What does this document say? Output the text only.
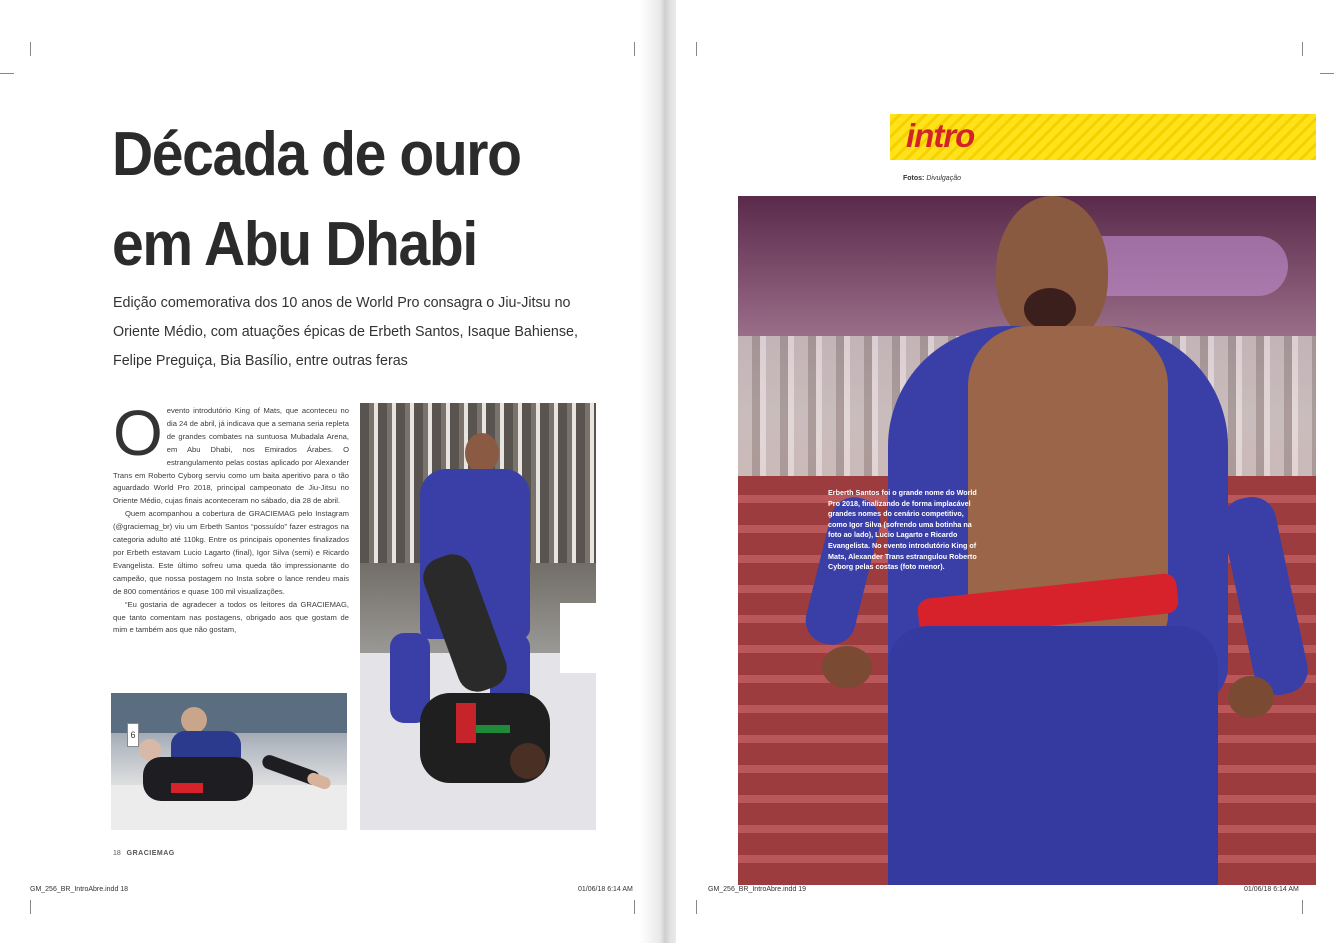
Década de ouro
em Abu Dhabi

Edição comemorativa dos 10 anos de World Pro consagra o Jiu-Jitsu no Oriente Médio, com atuações épicas de Erbeth Santos, Isaque Bahiense, Felipe Preguiça, Bia Basílio, entre outras feras

O evento introdutório King of Mats, que aconteceu no dia 24 de abril, já indicava que a semana seria repleta de grandes combates na suntuosa Mubadala Arena, em Abu Dhabi, nos Emirados Árabes. O estrangulamento pelas costas aplicado por Alexander Trans em Roberto Cyborg serviu como um baita aperitivo para o tão aguardado World Pro 2018, principal campeonato de Jiu-Jitsu no Oriente Médio, cujas finais aconteceram no sábado, dia 28 de abril.

Quem acompanhou a cobertura de GRACIEMAG pelo Instagram (@graciemag_br) viu um Erbeth Santos “possuído” fazer estragos na categoria adulto até 110kg. Entre os principais oponentes finalizados por Erbeth estavam Lucio Lagarto (final), Igor Silva (semi) e Ricardo Evangelista. Este último sofreu uma queda tão impressionante do campeão, que nossa postagem no Insta sobre o lance rendeu mais de 800 comentários e quase 100 mil visualizações.

“Eu gostaria de agradecer a todos os leitores da GRACIEMAG, que tanto comentam nas postagens, obrigado aos que gostam de mim e também aos que não gostam,

6
18 GRACIEMAG
GM_256_BR_IntroAbre.indd 18	01/06/18 6:14 AM
intro
Fotos: Divulgação
Erberth Santos foi o grande nome do World Pro 2018, finalizando de forma implacável grandes nomes do cenário competitivo, como Igor Silva (sofrendo uma botinha na foto ao lado), Lucio Lagarto e Ricardo Evangelista. No evento introdutório King of Mats, Alexander Trans estrangulou Roberto Cyborg pelas costas (foto menor).
GM_256_BR_IntroAbre.indd 19	01/06/18 6:14 AM
